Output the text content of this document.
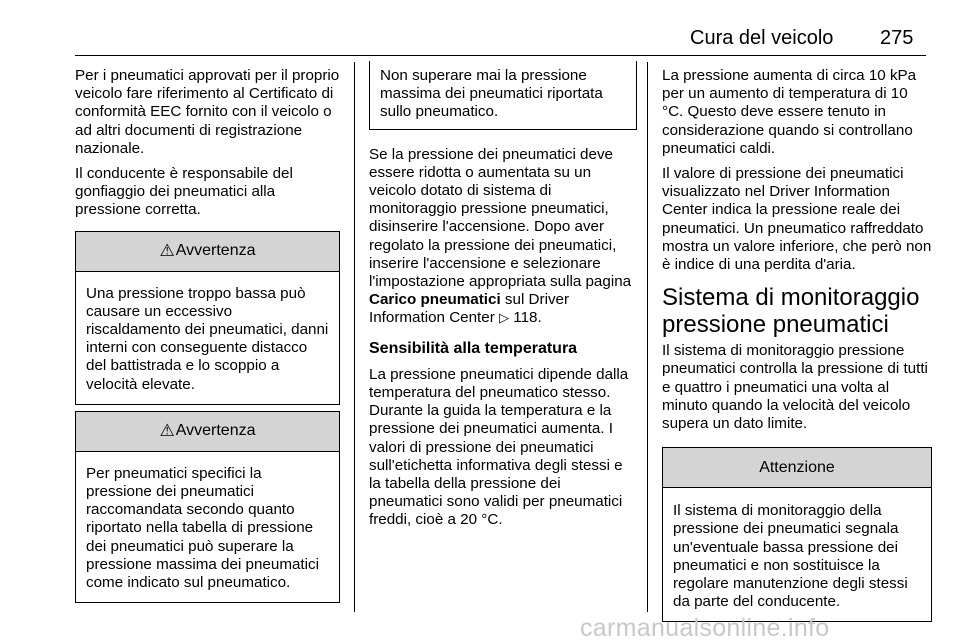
Cura del veicolo 275

Per i pneumatici approvati per il proprio veicolo fare riferimento al Certificato di conformità EEC fornito con il veicolo o ad altri documenti di registrazione nazionale.

Il conducente è responsabile del gonfiaggio dei pneumatici alla pressione corretta.

⚠ Avvertenza
Una pressione troppo bassa può causare un eccessivo riscaldamento dei pneumatici, danni interni con conseguente distacco del battistrada e lo scoppio a velocità elevate.
⚠ Avvertenza
Per pneumatici specifici la pressione dei pneumatici raccomandata secondo quanto riportato nella tabella di pressione dei pneumatici può superare la pressione massima dei pneumatici come indicato sul pneumatico.
Non superare mai la pressione massima dei pneumatici riportata sullo pneumatico.

Se la pressione dei pneumatici deve essere ridotta o aumentata su un veicolo dotato di sistema di monitoraggio pressione pneumatici, disinserire l'accensione. Dopo aver regolato la pressione dei pneumatici, inserire l'accensione e selezionare l'impostazione appropriata sulla pagina Carico pneumatici sul Driver Information Center ▷ 118.

Sensibilità alla temperatura

La pressione pneumatici dipende dalla temperatura del pneumatico stesso. Durante la guida la temperatura e la pressione dei pneumatici aumenta. I valori di pressione dei pneumatici sull'etichetta informativa degli stessi e la tabella della pressione dei pneumatici sono validi per pneumatici freddi, cioè a 20 °C.

La pressione aumenta di circa 10 kPa per un aumento di temperatura di 10 °C. Questo deve essere tenuto in considerazione quando si controllano pneumatici caldi.

Il valore di pressione dei pneumatici visualizzato nel Driver Information Center indica la pressione reale dei pneumatici. Un pneumatico raffreddato mostra un valore inferiore, che però non è indice di una perdita d'aria.

Sistema di monitoraggio pressione pneumatici

Il sistema di monitoraggio pressione pneumatici controlla la pressione di tutti e quattro i pneumatici una volta al minuto quando la velocità del veicolo supera un dato limite.

Attenzione
Il sistema di monitoraggio della pressione dei pneumatici segnala un'eventuale bassa pressione dei pneumatici e non sostituisce la regolare manutenzione degli stessi da parte del conducente.
carmanualsonline.info
